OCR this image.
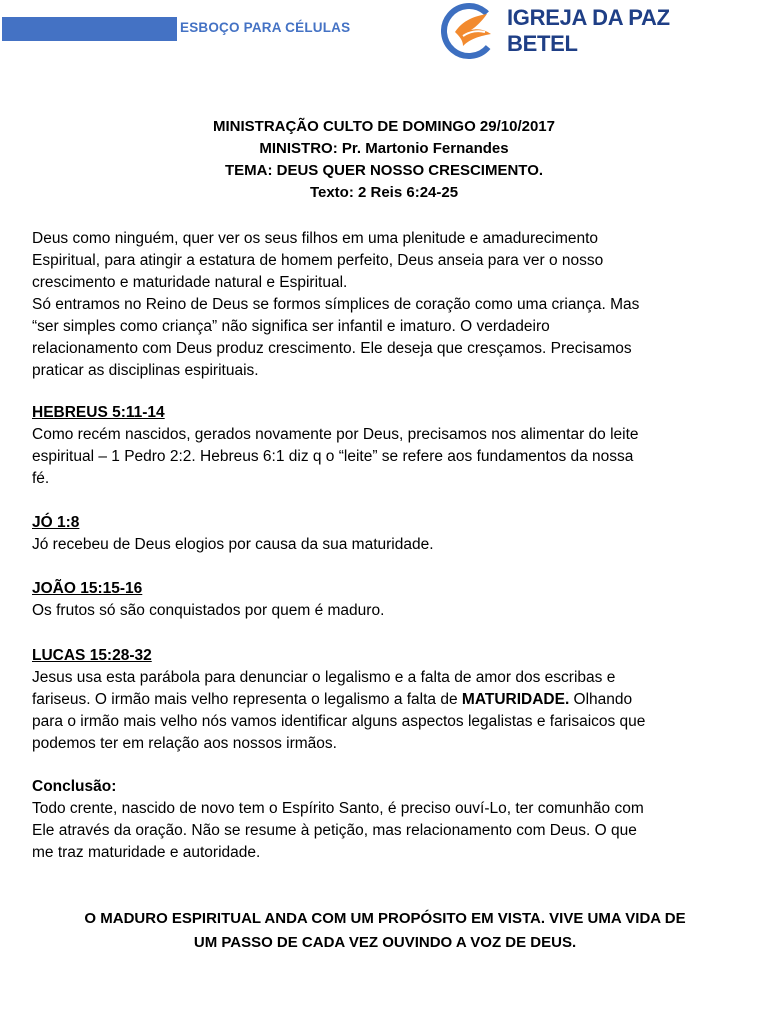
ESBOÇO PARA CÉLULAS	IGREJA DA PAZ BETEL
MINISTRAÇÃO CULTO DE DOMINGO 29/10/2017
MINISTRO: Pr. Martonio Fernandes
TEMA: DEUS QUER NOSSO CRESCIMENTO.
Texto: 2 Reis 6:24-25
Deus como ninguém, quer ver os seus filhos em uma plenitude e amadurecimento
Espiritual, para atingir a estatura de homem perfeito, Deus anseia para ver o nosso
crescimento e maturidade natural e Espiritual.
Só entramos no Reino de Deus se formos símplices de coração como uma criança. Mas
“ser simples como criança” não significa ser infantil e imaturo. O verdadeiro
relacionamento com Deus produz crescimento. Ele deseja que cresçamos. Precisamos
praticar as disciplinas espirituais.
HEBREUS 5:11-14
Como recém nascidos, gerados novamente por Deus, precisamos nos alimentar do leite
espiritual – 1 Pedro 2:2. Hebreus 6:1 diz q o “leite” se refere aos fundamentos da nossa
fé.
JÓ 1:8
Jó recebeu de Deus elogios por causa da sua maturidade.
JOÃO 15:15-16
Os frutos só são conquistados por quem é maduro.
LUCAS 15:28-32
Jesus usa esta parábola para denunciar o legalismo e a falta de amor dos escribas e
fariseus. O irmão mais velho representa o legalismo a falta de MATURIDADE. Olhando
para o irmão mais velho nós vamos identificar alguns aspectos legalistas e farisaicos que
podemos ter em relação aos nossos irmãos.
Conclusão:
Todo crente, nascido de novo tem o Espírito Santo, é preciso ouví-Lo, ter comunhão com
Ele através da oração. Não se resume à petição, mas relacionamento com Deus. O que
me traz maturidade e autoridade.
O MADURO ESPIRITUAL ANDA COM UM PROPÓSITO EM VISTA. VIVE UMA VIDA DE
UM PASSO DE CADA VEZ OUVINDO A VOZ DE DEUS.
